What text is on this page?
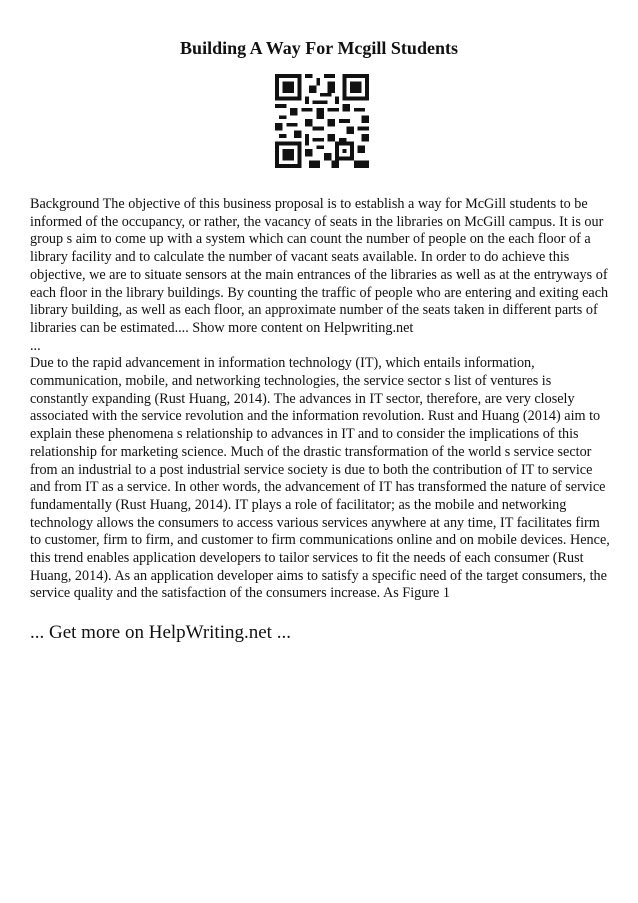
Building A Way For Mcgill Students

Background The objective of this business proposal is to establish a way for McGill students to be informed of the occupancy, or rather, the vacancy of seats in the libraries on McGill campus. It is our group s aim to come up with a system which can count the number of people on the each floor of a library facility and to calculate the number of vacant seats available. In order to do achieve this objective, we are to situate sensors at the main entrances of the libraries as well as at the entryways of each floor in the library buildings. By counting the traffic of people who are entering and exiting each library building, as well as each floor, an approximate number of the seats taken in different parts of libraries can be estimated.... Show more content on Helpwriting.net

...

Due to the rapid advancement in information technology (IT), which entails information, communication, mobile, and networking technologies, the service sector s list of ventures is constantly expanding (Rust Huang, 2014). The advances in IT sector, therefore, are very closely associated with the service revolution and the information revolution. Rust and Huang (2014) aim to explain these phenomena s relationship to advances in IT and to consider the implications of this relationship for marketing science. Much of the drastic transformation of the world s service sector from an industrial to a post industrial service society is due to both the contribution of IT to service and from IT as a service. In other words, the advancement of IT has transformed the nature of service fundamentally (Rust Huang, 2014). IT plays a role of facilitator; as the mobile and networking technology allows the consumers to access various services anywhere at any time, IT facilitates firm to customer, firm to firm, and customer to firm communications online and on mobile devices. Hence, this trend enables application developers to tailor services to fit the needs of each consumer (Rust Huang, 2014). As an application developer aims to satisfy a specific need of the target consumers, the service quality and the satisfaction of the consumers increase. As Figure 1

... Get more on HelpWriting.net ...
